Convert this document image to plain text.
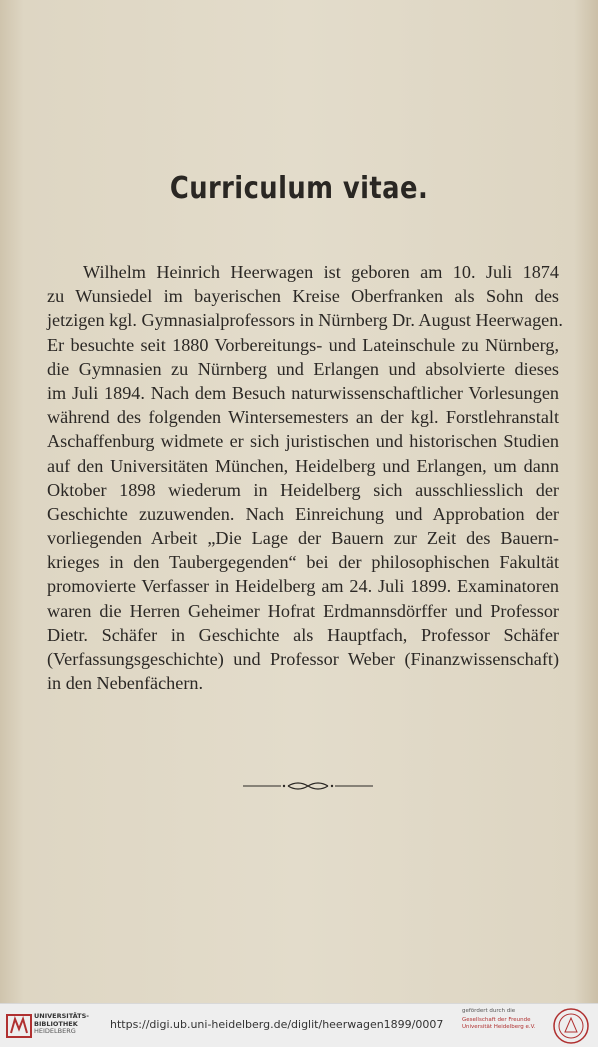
Curriculum vitae.
Wilhelm Heinrich Heerwagen ist geboren am 10. Juli 1874
zu Wunsiedel im bayerischen Kreise Oberfranken als Sohn des
jetzigen kgl. Gymnasialprofessors in Nürnberg Dr. August Heerwagen.
Er besuchte seit 1880 Vorbereitungs- und Lateinschule zu Nürnberg,
die Gymnasien zu Nürnberg und Erlangen und absolvierte dieses
im Juli 1894. Nach dem Besuch naturwissenschaftlicher Vorlesungen
während des folgenden Wintersemesters an der kgl. Forstlehranstalt
Aschaffenburg widmete er sich juristischen und historischen Studien
auf den Universitäten München, Heidelberg und Erlangen, um dann
Oktober 1898 wiederum in Heidelberg sich ausschliesslich der
Geschichte zuzuwenden. Nach Einreichung und Approbation der
vorliegenden Arbeit „Die Lage der Bauern zur Zeit des Bauern-
krieges in den Taubergegenden“ bei der philosophischen Fakultät
promovierte Verfasser in Heidelberg am 24. Juli 1899. Examinatoren
waren die Herren Geheimer Hofrat Erdmannsdörffer und Professor
Dietr. Schäfer in Geschichte als Hauptfach, Professor Schäfer
(Verfassungsgeschichte) und Professor Weber (Finanzwissenschaft)
in den Nebenfächern.

UNIVERSITÄTS-
BIBLIOTHEK
HEIDELBERG	https://digi.ub.uni-heidelberg.de/diglit/heerwagen1899/0007

gefördert durch die
Gesellschaft der Freunde
Universität Heidelberg e.V.
